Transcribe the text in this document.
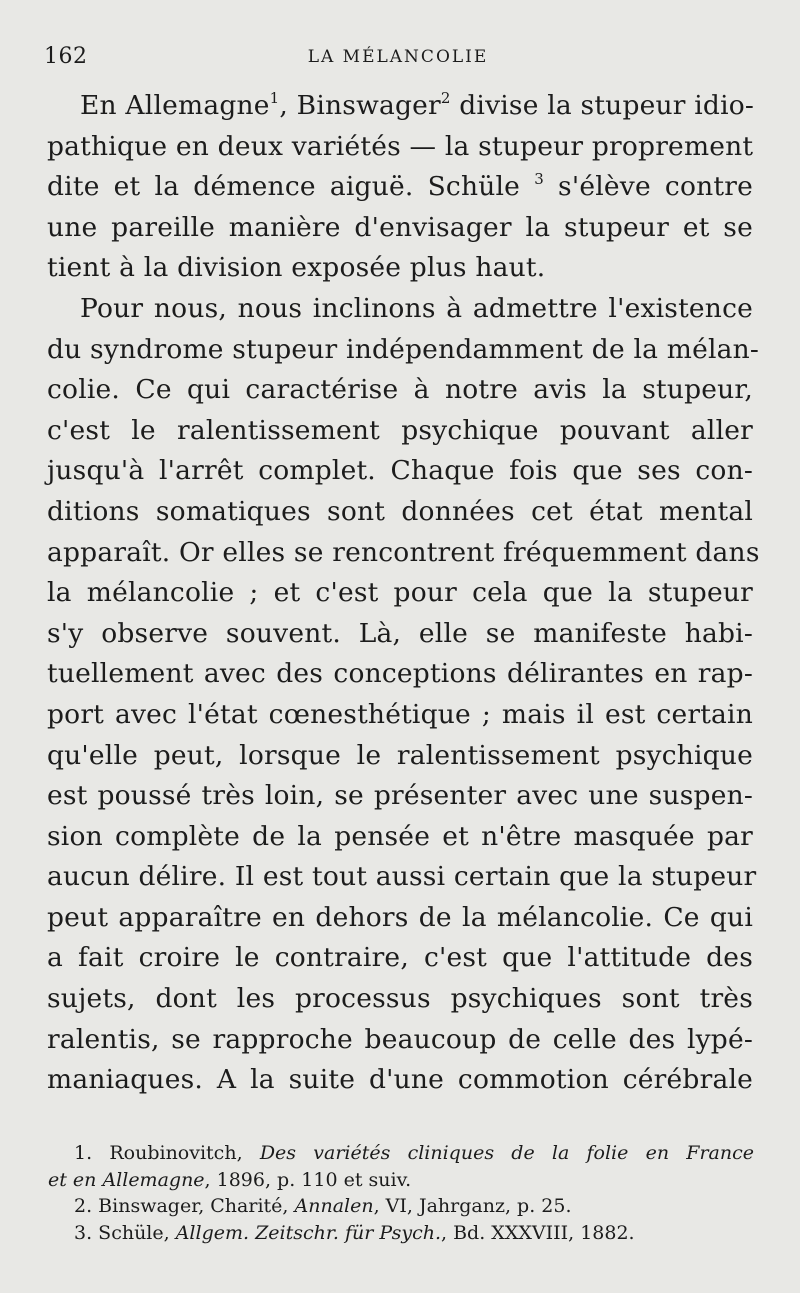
162	LA MÉLANCOLIE
En Allemagne$^1$, Binswager$^2$ divise la stupeur idio-
pathique en deux variétés — la stupeur proprement
dite et la démence aiguë. Schüle $^3$ s'élève contre
une pareille manière d'envisager la stupeur et se
tient à la division exposée plus haut.
Pour nous, nous inclinons à admettre l'existence
du syndrome stupeur indépendamment de la mélan-
colie. Ce qui caractérise à notre avis la stupeur,
c'est le ralentissement psychique pouvant aller
jusqu'à l'arrêt complet. Chaque fois que ses con-
ditions somatiques sont données cet état mental
apparaît. Or elles se rencontrent fréquemment dans
la mélancolie ; et c'est pour cela que la stupeur
s'y observe souvent. Là, elle se manifeste habi-
tuellement avec des conceptions délirantes en rap-
port avec l'état cœnesthétique ; mais il est certain
qu'elle peut, lorsque le ralentissement psychique
est poussé très loin, se présenter avec une suspen-
sion complète de la pensée et n'être masquée par
aucun délire. Il est tout aussi certain que la stupeur
peut apparaître en dehors de la mélancolie. Ce qui
a fait croire le contraire, c'est que l'attitude des
sujets, dont les processus psychiques sont très
ralentis, se rapproche beaucoup de celle des lypé-
maniaques. A la suite d'une commotion cérébrale
1. Roubinovitch, Des variétés cliniques de la folie en France
et en Allemagne, 1896, p. 110 et suiv.
2. Binswager, Charité, Annalen, VI, Jahrganz, p. 25.
3. Schüle, Allgem. Zeitschr. für Psych., Bd. XXXVIII, 1882.
